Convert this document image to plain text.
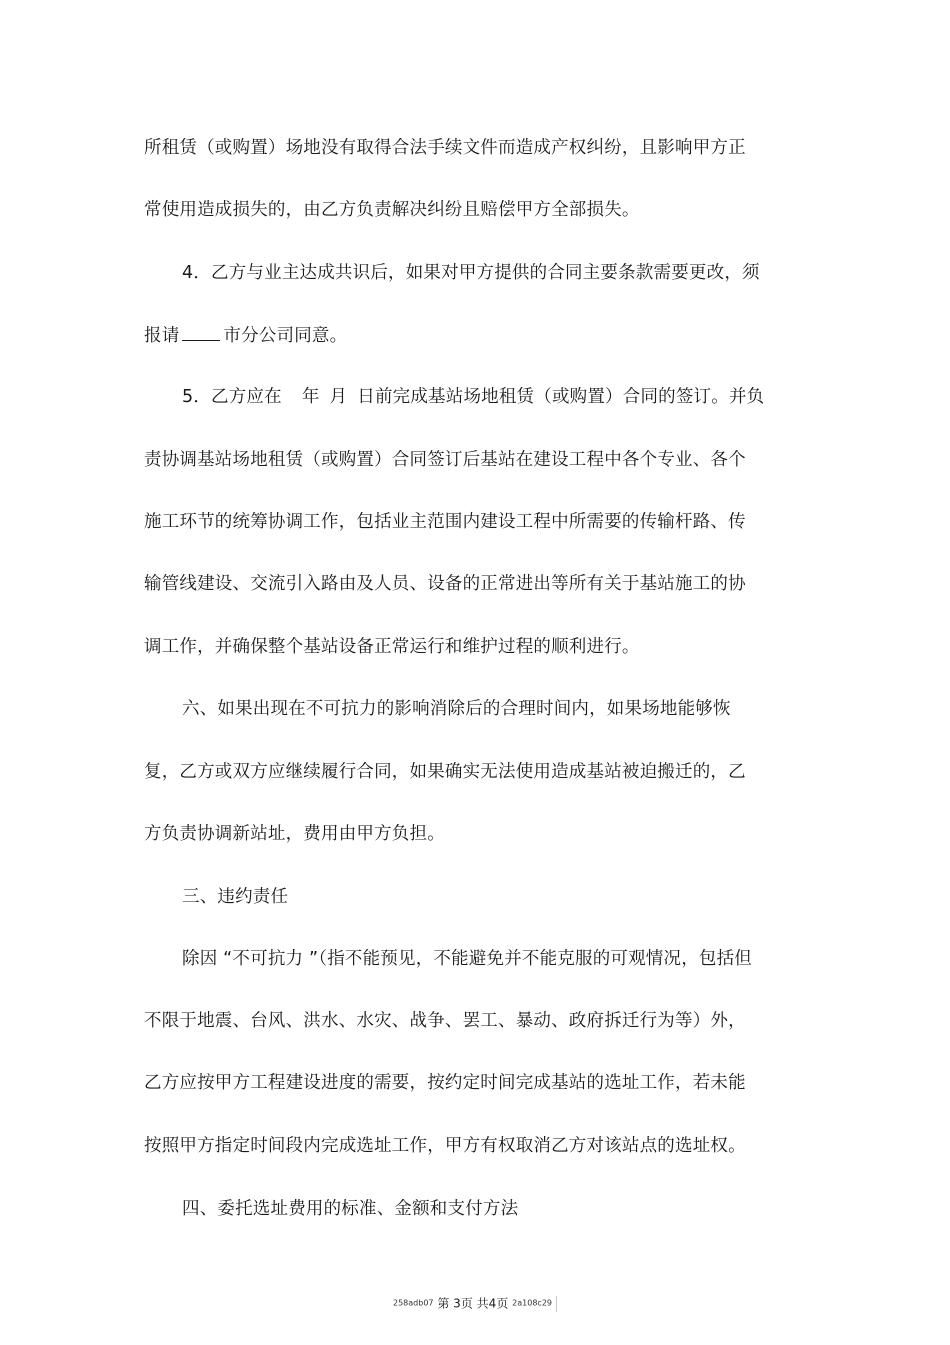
所租赁（或购置）场地没有取得合法手续文件而造成产权纠纷，且影响甲方正
常使用造成损失的，由乙方负责解决纠纷且赔偿甲方全部损失。
4．乙方与业主达成共识后，如果对甲方提供的合同主要条款需要更改，须
报请	市分公司同意。
5．乙方应在 年 月 日前完成基站场地租赁（或购置）合同的签订。并负
责协调基站场地租赁（或购置）合同签订后基站在建设工程中各个专业、各个
施工环节的统筹协调工作，包括业主范围内建设工程中所需要的传输杆路、传
输管线建设、交流引入路由及人员、设备的正常进出等所有关于基站施工的协
调工作，并确保整个基站设备正常运行和维护过程的顺利进行。
六、如果出现在不可抗力的影响消除后的合理时间内，如果场地能够恢
复，乙方或双方应继续履行合同，如果确实无法使用造成基站被迫搬迁的，乙
方负责协调新站址，费用由甲方负担。
三、违约责任
除因 “不可抗力 ”（指不能预见，不能避免并不能克服的可观情况，包括但
不限于地震、台风、洪水、水灾、战争、罢工、暴动、政府拆迁行为等）外，
乙方应按甲方工程建设进度的需要，按约定时间完成基站的选址工作，若未能
按照甲方指定时间段内完成选址工作，甲方有权取消乙方对该站点的选址权。
四、委托选址费用的标准、金额和支付方法
258adb07 第 3页 共4页 2a108c29
